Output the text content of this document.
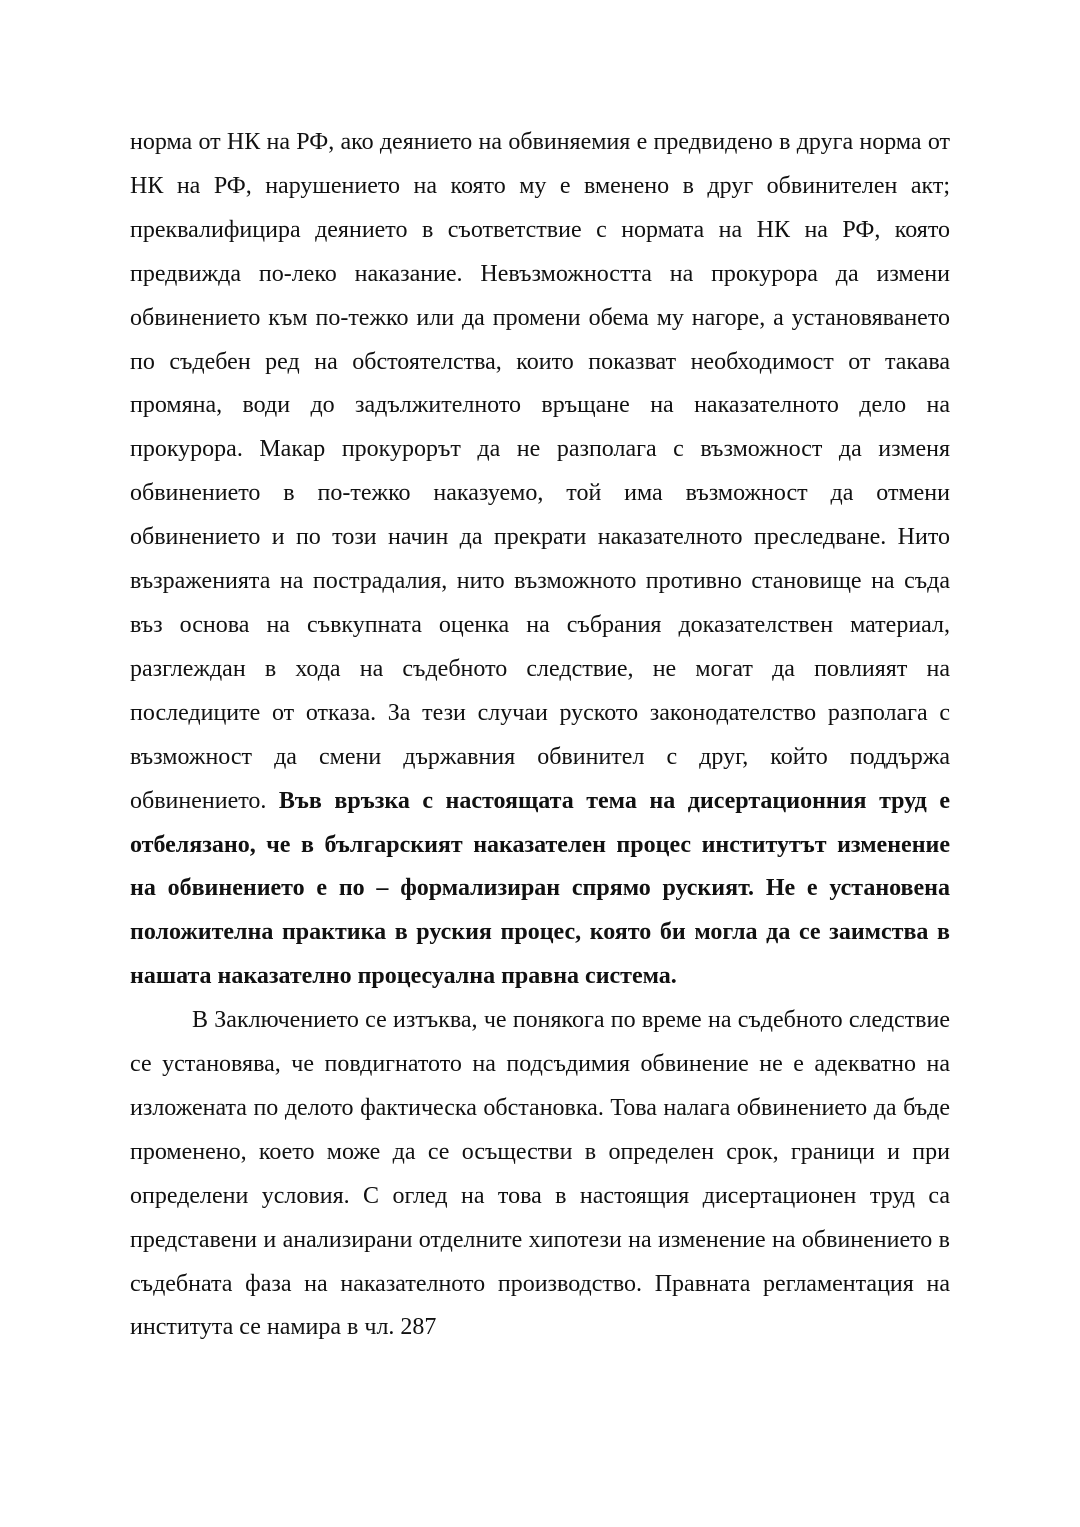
норма от НК на РФ, ако деянието на обвиняемия е предвидено в друга норма от НК на РФ, нарушението на която му е вменено в друг обвинителен акт; преквалифицира деянието в съответствие с нормата на НК на РФ, която предвижда по-леко наказание. Невъзможността на прокурора да измени обвинението към по-тежко или да промени обема му нагоре, а установяването по съдебен ред на обстоятелства, които показват необходимост от такава промяна, води до задължителното връщане на наказателното дело на прокурора. Макар прокурорът да не разполага с възможност да изменя обвинението в по-тежко наказуемо, той има възможност да отмени обвинението и по този начин да прекрати наказателното преследване. Нито възраженията на пострадалия, нито възможното противно становище на съда въз основа на съвкупната оценка на събрания доказателствен материал, разглеждан в хода на съдебното следствие, не могат да повлияят на последиците от отказа. За тези случаи руското законодателство разполага с възможност да смени държавния обвинител с друг, който поддържа обвинението. Във връзка с настоящата тема на дисертационния труд е отбелязано, че в българският наказателен процес институтът изменение на обвинението е по – формализиран спрямо руският. Не е установена положителна практика в руския процес, която би могла да се заимства в нашата наказателно процесуална правна система.

В Заключението се изтъква, че понякога по време на съдебното следствие се установява, че повдигнатото на подсъдимия обвинение не е адекватно на изложената по делото фактическа обстановка. Това налага обвинението да бъде променено, което може да се осъществи в определен срок, граници и при определени условия. С оглед на това в настоящия дисертационен труд са представени и анализирани отделните хипотези на изменение на обвинението в съдебната фаза на наказателното производство. Правната регламентация на института се намира в чл. 287
